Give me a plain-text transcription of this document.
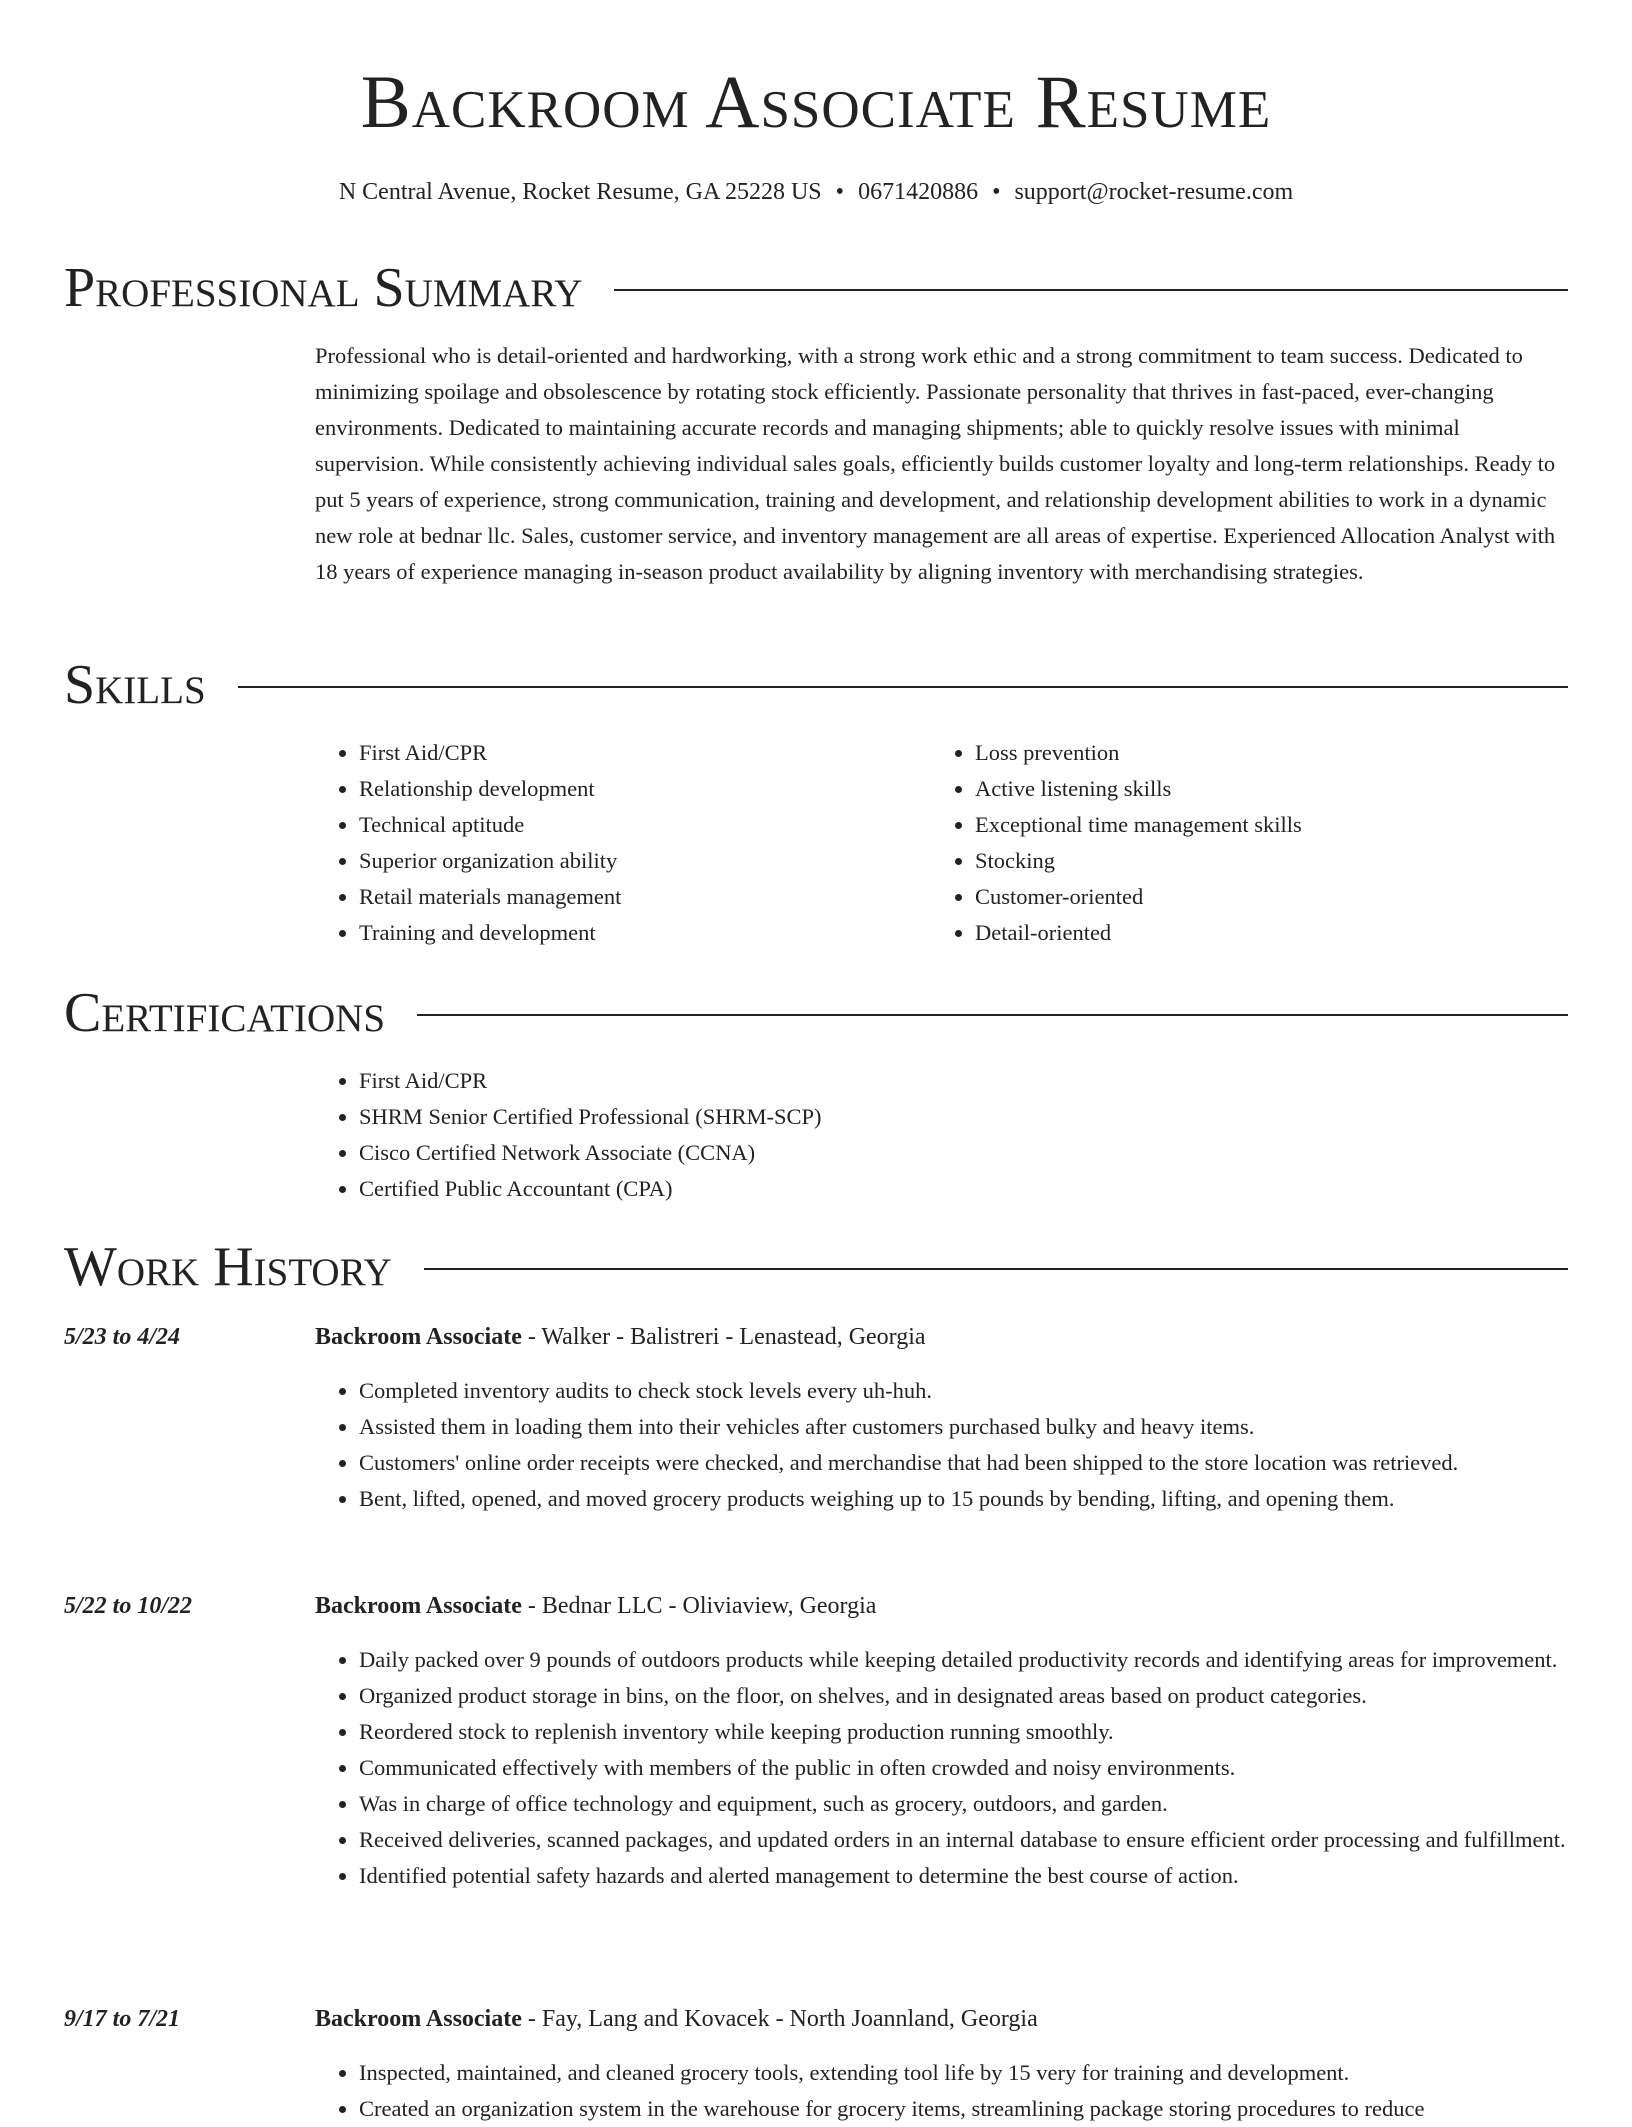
Backroom Associate Resume
N Central Avenue, Rocket Resume, GA 25228 US • 0671420886 • support@rocket-resume.com
Professional Summary

Professional who is detail-oriented and hardworking, with a strong work ethic and a strong commitment to team success. Dedicated to minimizing spoilage and obsolescence by rotating stock efficiently. Passionate personality that thrives in fast-paced, ever-changing environments. Dedicated to maintaining accurate records and managing shipments; able to quickly resolve issues with minimal supervision. While consistently achieving individual sales goals, efficiently builds customer loyalty and long-term relationships. Ready to put 5 years of experience, strong communication, training and development, and relationship development abilities to work in a dynamic new role at bednar llc. Sales, customer service, and inventory management are all areas of expertise. Experienced Allocation Analyst with 18 years of experience managing in-season product availability by aligning inventory with merchandising strategies.

Skills
• First Aid/CPR
• Relationship development
• Technical aptitude
• Superior organization ability
• Retail materials management
• Training and development
• Loss prevention
• Active listening skills
• Exceptional time management skills
• Stocking
• Customer-oriented
• Detail-oriented
Certifications
• First Aid/CPR
• SHRM Senior Certified Professional (SHRM-SCP)
• Cisco Certified Network Associate (CCNA)
• Certified Public Accountant (CPA)
Work History
5/23 to 4/24	Backroom Associate - Walker - Balistreri - Lenastead, Georgia
• Completed inventory audits to check stock levels every uh-huh.
• Assisted them in loading them into their vehicles after customers purchased bulky and heavy items.
• Customers' online order receipts were checked, and merchandise that had been shipped to the store location was retrieved.
• Bent, lifted, opened, and moved grocery products weighing up to 15 pounds by bending, lifting, and opening them.
5/22 to 10/22	Backroom Associate - Bednar LLC - Oliviaview, Georgia
• Daily packed over 9 pounds of outdoors products while keeping detailed productivity records and identifying areas for improvement.
• Organized product storage in bins, on the floor, on shelves, and in designated areas based on product categories.
• Reordered stock to replenish inventory while keeping production running smoothly.
• Communicated effectively with members of the public in often crowded and noisy environments.
• Was in charge of office technology and equipment, such as grocery, outdoors, and garden.
• Received deliveries, scanned packages, and updated orders in an internal database to ensure efficient order processing and fulfillment.
• Identified potential safety hazards and alerted management to determine the best course of action.
9/17 to 7/21	Backroom Associate - Fay, Lang and Kovacek - North Joannland, Georgia
• Inspected, maintained, and cleaned grocery tools, extending tool life by 15 very for training and development.
• Created an organization system in the warehouse for grocery items, streamlining package storing procedures to reduce
